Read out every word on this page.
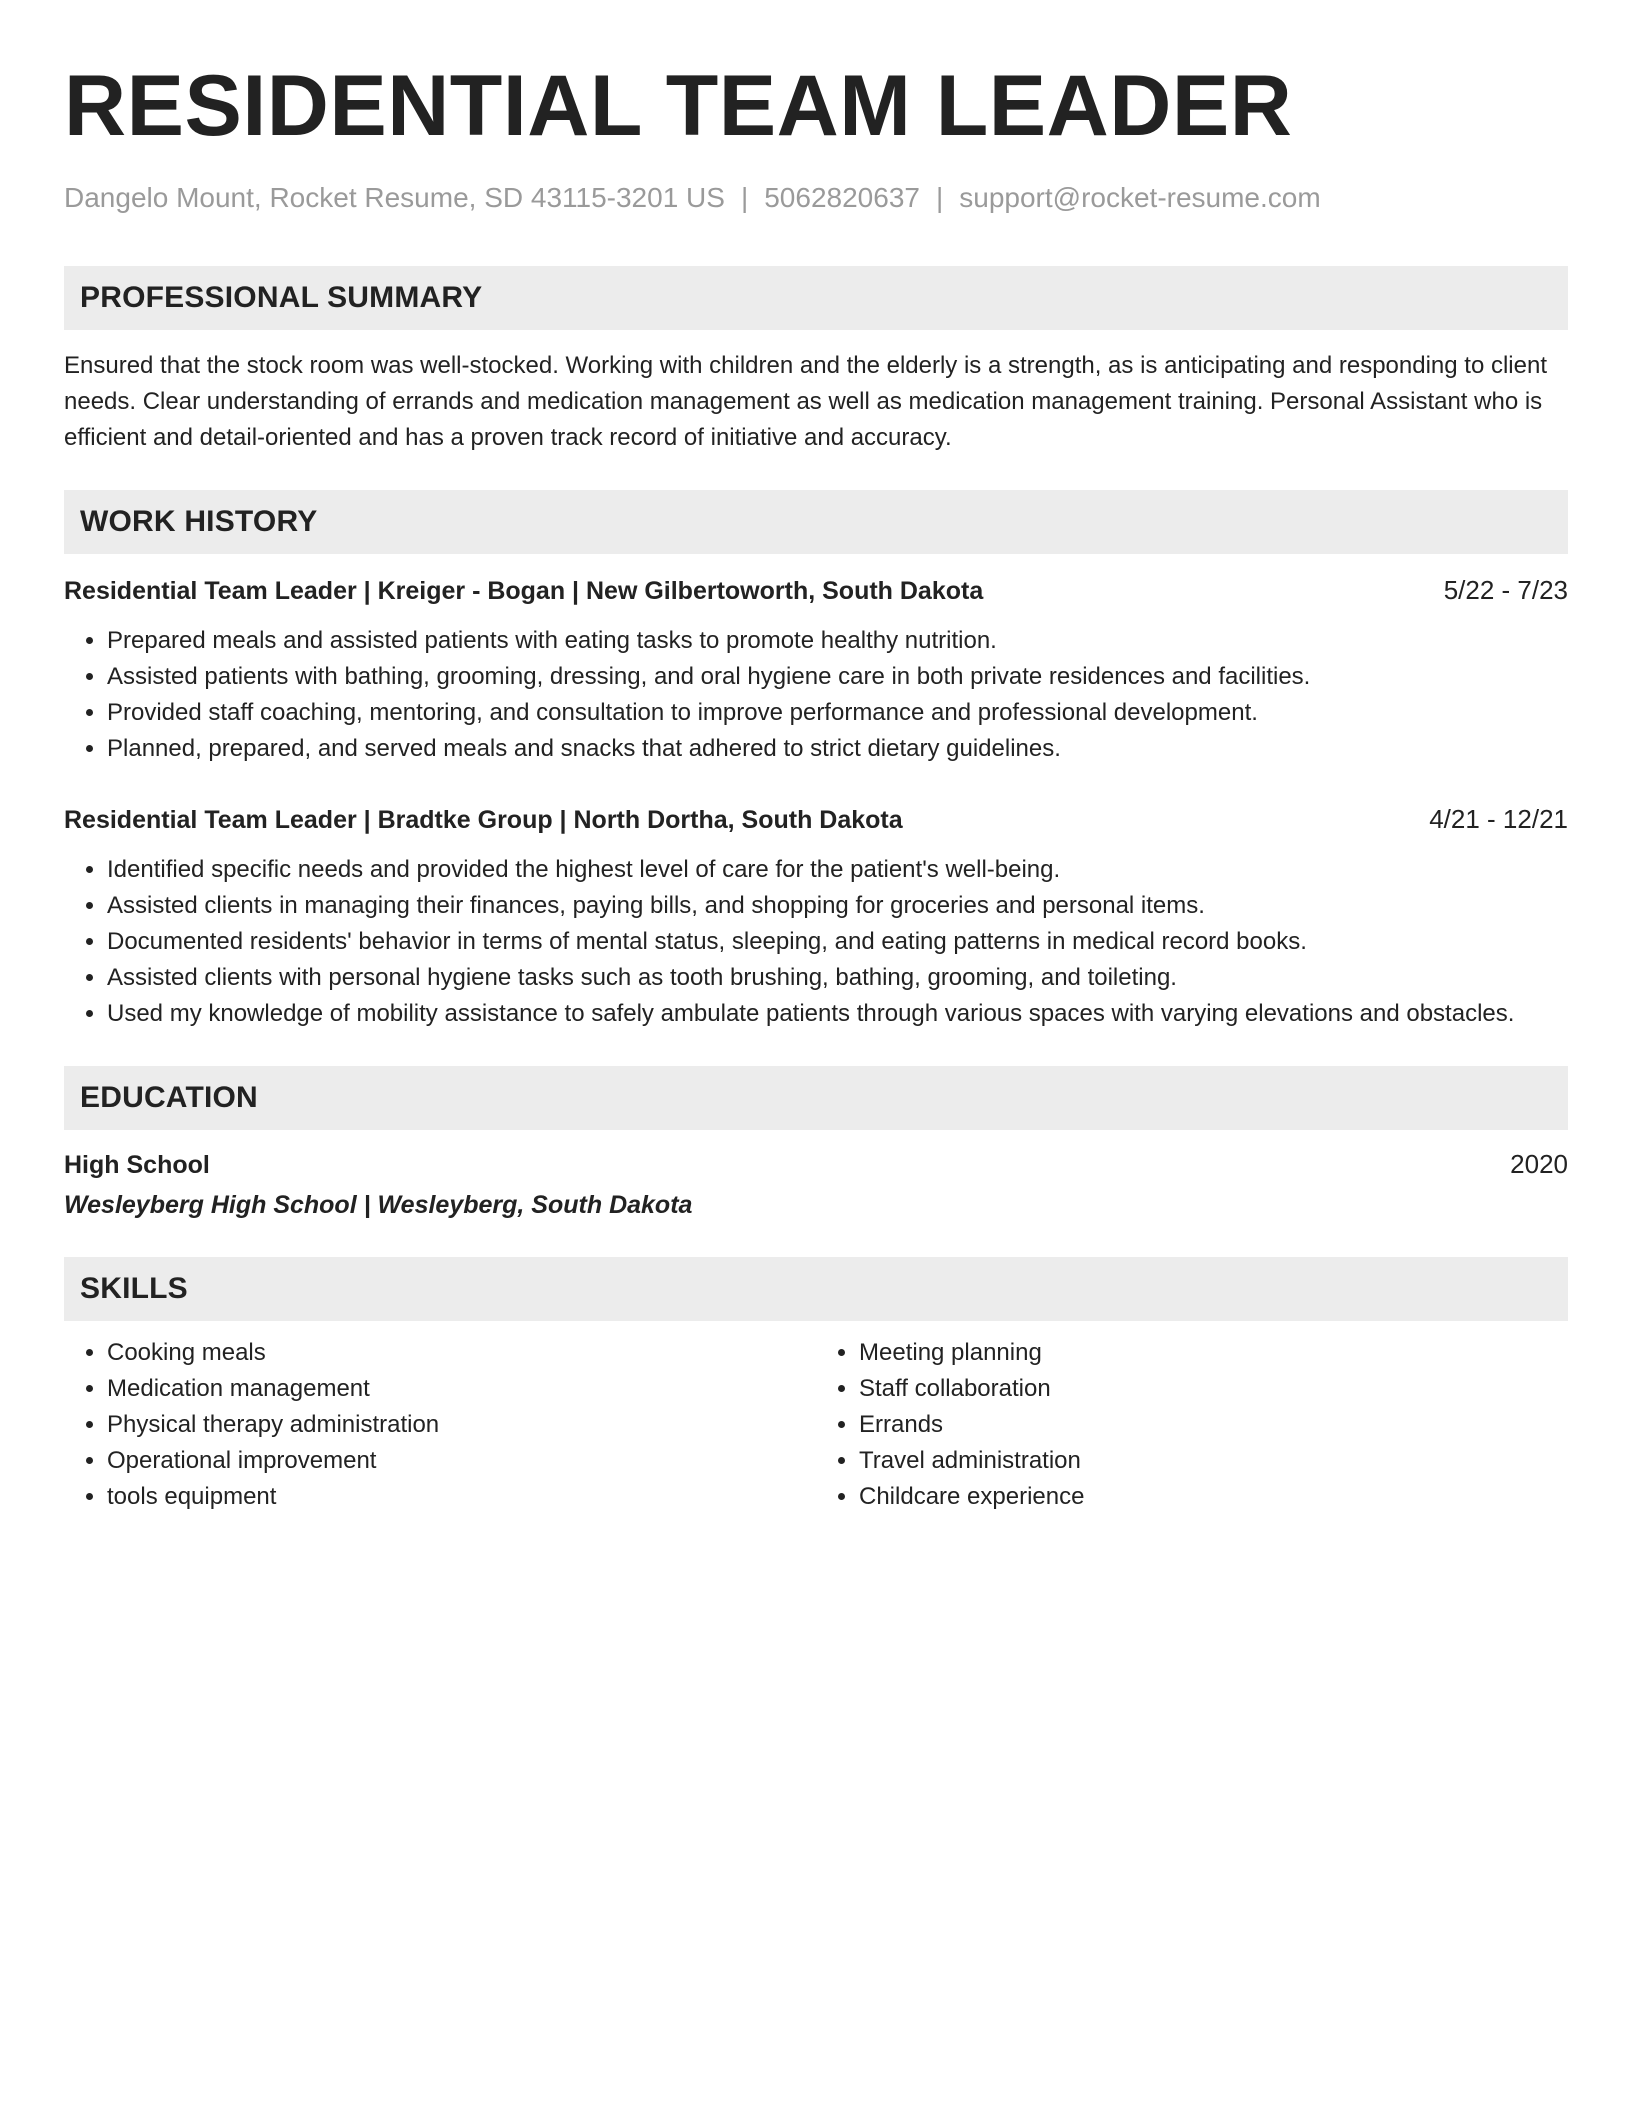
RESIDENTIAL TEAM LEADER
Dangelo Mount, Rocket Resume, SD 43115-3201 US | 5062820637 | support@rocket-resume.com
PROFESSIONAL SUMMARY
Ensured that the stock room was well-stocked. Working with children and the elderly is a strength, as is anticipating and responding to client needs. Clear understanding of errands and medication management as well as medication management training. Personal Assistant who is efficient and detail-oriented and has a proven track record of initiative and accuracy.
WORK HISTORY
Residential Team Leader | Kreiger - Bogan | New Gilbertoworth, South Dakota	5/22 - 7/23
• Prepared meals and assisted patients with eating tasks to promote healthy nutrition.
• Assisted patients with bathing, grooming, dressing, and oral hygiene care in both private residences and facilities.
• Provided staff coaching, mentoring, and consultation to improve performance and professional development.
• Planned, prepared, and served meals and snacks that adhered to strict dietary guidelines.
Residential Team Leader | Bradtke Group | North Dortha, South Dakota	4/21 - 12/21
• Identified specific needs and provided the highest level of care for the patient's well-being.
• Assisted clients in managing their finances, paying bills, and shopping for groceries and personal items.
• Documented residents' behavior in terms of mental status, sleeping, and eating patterns in medical record books.
• Assisted clients with personal hygiene tasks such as tooth brushing, bathing, grooming, and toileting.
• Used my knowledge of mobility assistance to safely ambulate patients through various spaces with varying elevations and obstacles.
EDUCATION
High School	2020
Wesleyberg High School | Wesleyberg, South Dakota
SKILLS
• Cooking meals
• Medication management
• Physical therapy administration
• Operational improvement
• tools equipment
• Meeting planning
• Staff collaboration
• Errands
• Travel administration
• Childcare experience
